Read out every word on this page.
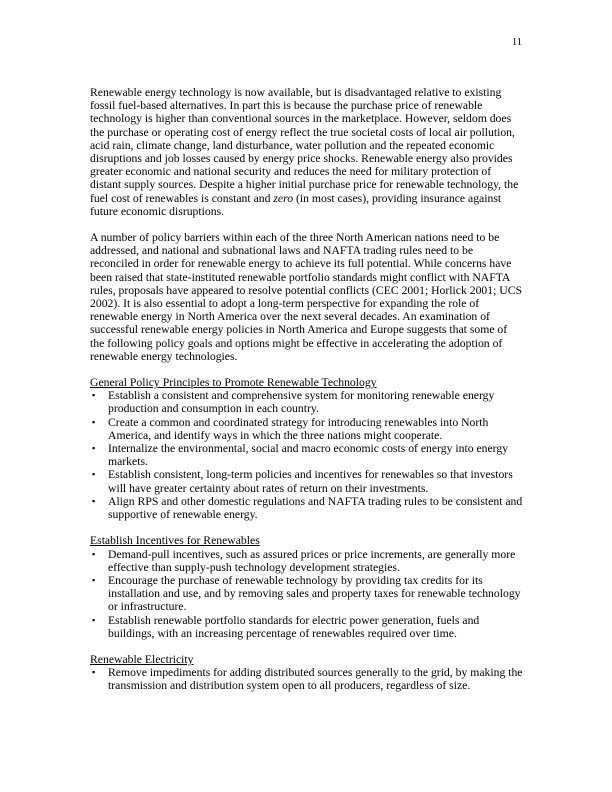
11

Renewable energy technology is now available, but is disadvantaged relative to existing fossil fuel-based alternatives. In part this is because the purchase price of renewable technology is higher than conventional sources in the marketplace. However, seldom does the purchase or operating cost of energy reflect the true societal costs of local air pollution, acid rain, climate change, land disturbance, water pollution and the repeated economic disruptions and job losses caused by energy price shocks. Renewable energy also provides greater economic and national security and reduces the need for military protection of distant supply sources. Despite a higher initial purchase price for renewable technology, the fuel cost of renewables is constant and zero (in most cases), providing insurance against future economic disruptions.

A number of policy barriers within each of the three North American nations need to be addressed, and national and subnational laws and NAFTA trading rules need to be reconciled in order for renewable energy to achieve its full potential. While concerns have been raised that state-instituted renewable portfolio standards might conflict with NAFTA rules, proposals have appeared to resolve potential conflicts (CEC 2001; Horlick 2001; UCS 2002). It is also essential to adopt a long-term perspective for expanding the role of renewable energy in North America over the next several decades. An examination of successful renewable energy policies in North America and Europe suggests that some of the following policy goals and options might be effective in accelerating the adoption of renewable energy technologies.

General Policy Principles to Promote Renewable Technology
▪ Establish a consistent and comprehensive system for monitoring renewable energy production and consumption in each country.
▪ Create a common and coordinated strategy for introducing renewables into North America, and identify ways in which the three nations might cooperate.
▪ Internalize the environmental, social and macro economic costs of energy into energy markets.
▪ Establish consistent, long-term policies and incentives for renewables so that investors will have greater certainty about rates of return on their investments.
▪ Align RPS and other domestic regulations and NAFTA trading rules to be consistent and supportive of renewable energy.
Establish Incentives for Renewables
▪ Demand-pull incentives, such as assured prices or price increments, are generally more effective than supply-push technology development strategies.
▪ Encourage the purchase of renewable technology by providing tax credits for its installation and use, and by removing sales and property taxes for renewable technology or infrastructure.
▪ Establish renewable portfolio standards for electric power generation, fuels and buildings, with an increasing percentage of renewables required over time.
Renewable Electricity
▪ Remove impediments for adding distributed sources generally to the grid, by making the transmission and distribution system open to all producers, regardless of size.
